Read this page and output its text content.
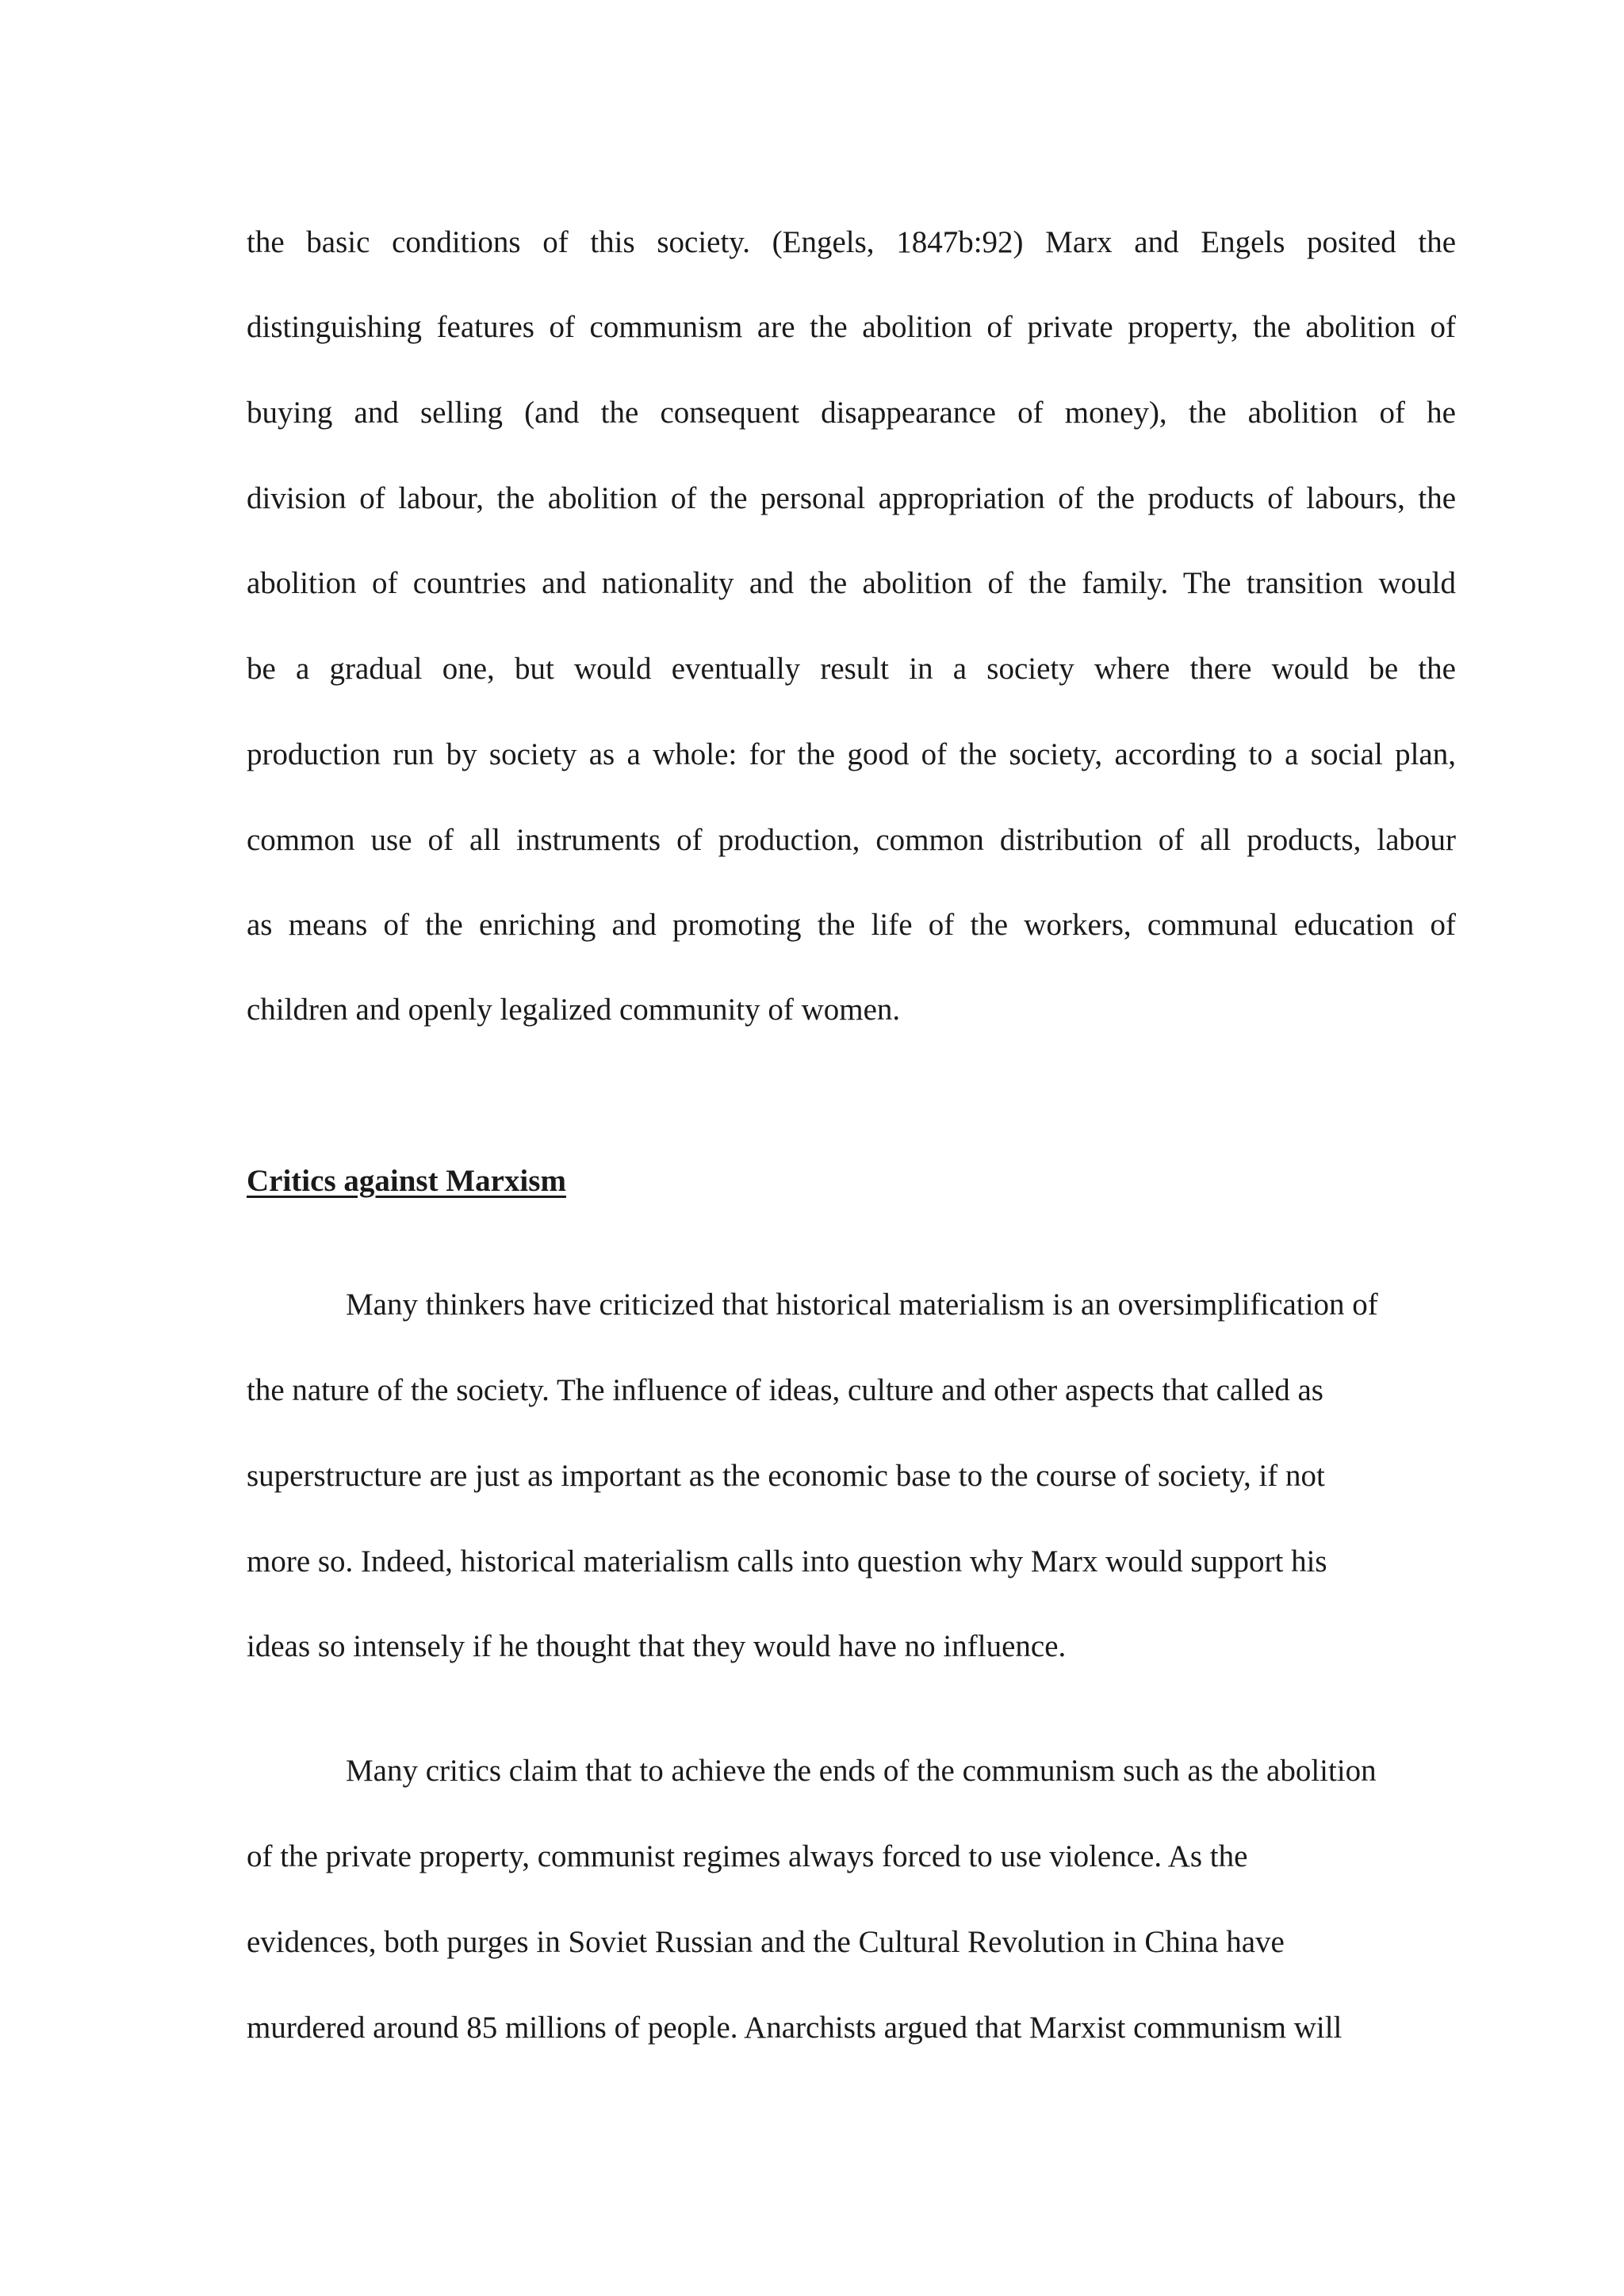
the basic conditions of this society. (Engels, 1847b:92) Marx and Engels posited the
distinguishing features of communism are the abolition of private property, the abolition of
buying and selling (and the consequent disappearance of money), the abolition of he
division of labour, the abolition of the personal appropriation of the products of labours, the
abolition of countries and nationality and the abolition of the family. The transition would
be a gradual one, but would eventually result in a society where there would be the
production run by society as a whole: for the good of the society, according to a social plan,
common use of all instruments of production, common distribution of all products, labour
as means of the enriching and promoting the life of the workers, communal education of
children and openly legalized community of women.
Critics against Marxism
Many thinkers have criticized that historical materialism is an oversimplification of
the nature of the society. The influence of ideas, culture and other aspects that called as
superstructure are just as important as the economic base to the course of society, if not
more so. Indeed, historical materialism calls into question why Marx would support his
ideas so intensely if he thought that they would have no influence.
Many critics claim that to achieve the ends of the communism such as the abolition
of the private property, communist regimes always forced to use violence. As the
evidences, both purges in Soviet Russian and the Cultural Revolution in China have
murdered around 85 millions of people. Anarchists argued that Marxist communism will
